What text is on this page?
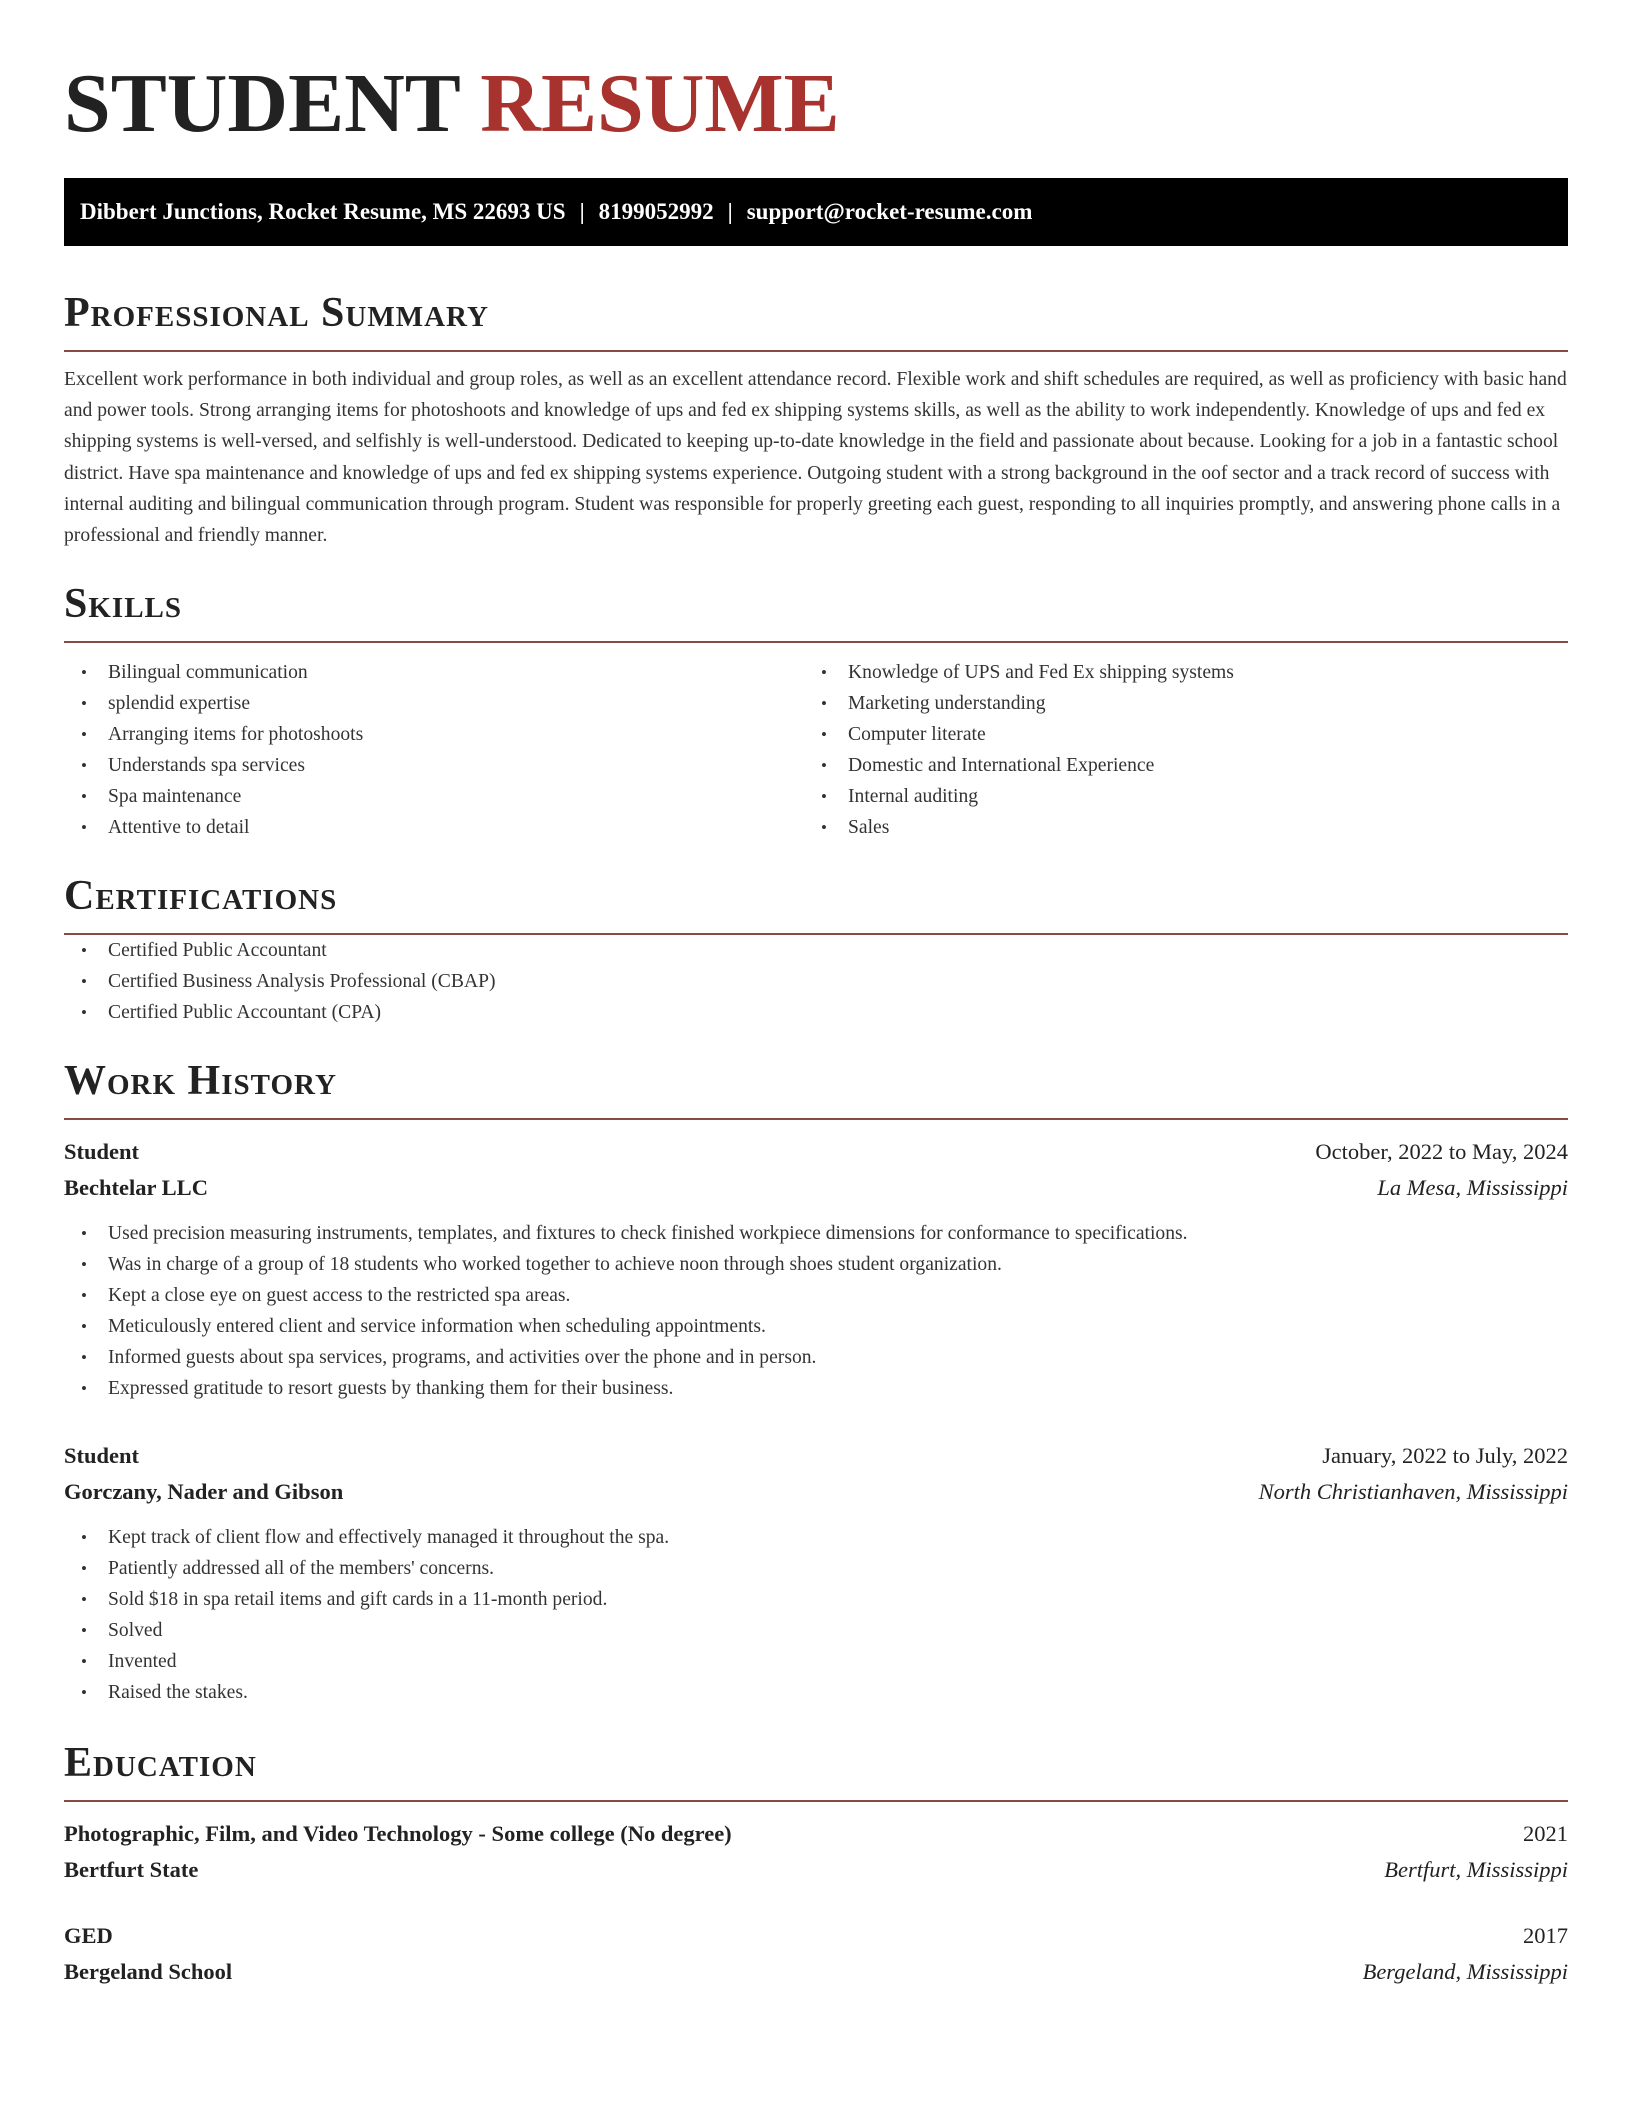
STUDENT RESUME
Dibbert Junctions, Rocket Resume, MS 22693 US | 8199052992 | support@rocket-resume.com
Professional Summary

Excellent work performance in both individual and group roles, as well as an excellent attendance record. Flexible work and shift schedules are required, as well as proficiency with basic hand and power tools. Strong arranging items for photoshoots and knowledge of ups and fed ex shipping systems skills, as well as the ability to work independently. Knowledge of ups and fed ex shipping systems is well-versed, and selfishly is well-understood. Dedicated to keeping up-to-date knowledge in the field and passionate about because. Looking for a job in a fantastic school district. Have spa maintenance and knowledge of ups and fed ex shipping systems experience. Outgoing student with a strong background in the oof sector and a track record of success with internal auditing and bilingual communication through program. Student was responsible for properly greeting each guest, responding to all inquiries promptly, and answering phone calls in a professional and friendly manner.

Skills
• Bilingual communication
• splendid expertise
• Arranging items for photoshoots
• Understands spa services
• Spa maintenance
• Attentive to detail
• Knowledge of UPS and Fed Ex shipping systems
• Marketing understanding
• Computer literate
• Domestic and International Experience
• Internal auditing
• Sales
Certifications
• Certified Public Accountant
• Certified Business Analysis Professional (CBAP)
• Certified Public Accountant (CPA)
Work History
Student	October, 2022 to May, 2024
Bechtelar LLC	La Mesa, Mississippi
• Used precision measuring instruments, templates, and fixtures to check finished workpiece dimensions for conformance to specifications.
• Was in charge of a group of 18 students who worked together to achieve noon through shoes student organization.
• Kept a close eye on guest access to the restricted spa areas.
• Meticulously entered client and service information when scheduling appointments.
• Informed guests about spa services, programs, and activities over the phone and in person.
• Expressed gratitude to resort guests by thanking them for their business.
Student	January, 2022 to July, 2022
Gorczany, Nader and Gibson	North Christianhaven, Mississippi
• Kept track of client flow and effectively managed it throughout the spa.
• Patiently addressed all of the members' concerns.
• Sold $18 in spa retail items and gift cards in a 11-month period.
• Solved
• Invented
• Raised the stakes.
Education
Photographic, Film, and Video Technology - Some college (No degree)	2021
Bertfurt State	Bertfurt, Mississippi
GED	2017
Bergeland School	Bergeland, Mississippi
